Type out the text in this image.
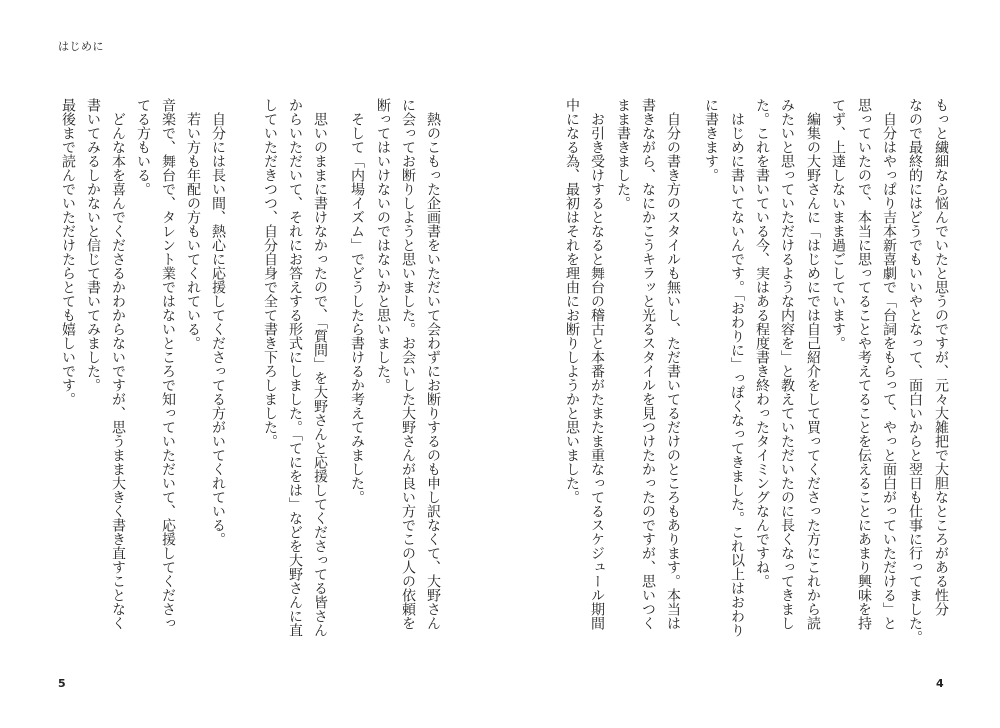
はじめに
熱のこもった企画書をいただいて会わずにお断りするのも申し訳なくて、大野さん
に会ってお断りしようと思いました。お会いした大野さんが良い方でこの人の依頼を
断ってはいけないのではないかと思いました。
そして「内場イズム」でどうしたら書けるか考えてみました。
思いのままに書けなかったので、「質問」を大野さんと応援してくださってる皆さん
からいただいて、それにお答えする形式にしました。「てにをは」などを大野さんに直
していただきつつ、自分自身で全て書き下ろしました。
自分には長い間、熱心に応援してくださってる方がいてくれている。
若い方も年配の方もいてくれている。
音楽で、舞台で、タレント業ではないところで知っていただいて、応援してくださっ
てる方もいる。
どんな本を喜んでくださるかわからないですが、思うまま大きく書き直すことなく
書いてみるしかないと信じて書いてみました。
最後まで読んでいただけたらとても嬉しいです。
5
もっと繊細なら悩んでいたと思うのですが、元々大雑把で大胆なところがある性分
なので最終的にはどうでもいいやとなって、面白いからと翌日も仕事に行ってました。
自分はやっぱり吉本新喜劇で「台詞をもらって、やっと面白がっていただける」と
思っていたので、本当に思ってることや考えてることを伝えることにあまり興味を持
てず、上達しないまま過ごしています。
編集の大野さんに「はじめにでは自己紹介をして買ってくださった方にこれから読
みたいと思っていただけるような内容を」と教えていただいたのに長くなってきまし
た。これを書いている今、実はある程度書き終わったタイミングなんですね。
はじめに書いてないんです。「おわりに」っぽくなってきました。これ以上はおわり
に書きます。
自分の書き方のスタイルも無いし、ただ書いてるだけのところもあります。本当は
書きながら、なにかこうキラッと光るスタイルを見つけたかったのですが、思いつく
まま書きました。
お引き受けするとなると舞台の稽古と本番がたまたま重なってるスケジュール期間
中になる為、最初はそれを理由にお断りしようかと思いました。
4
